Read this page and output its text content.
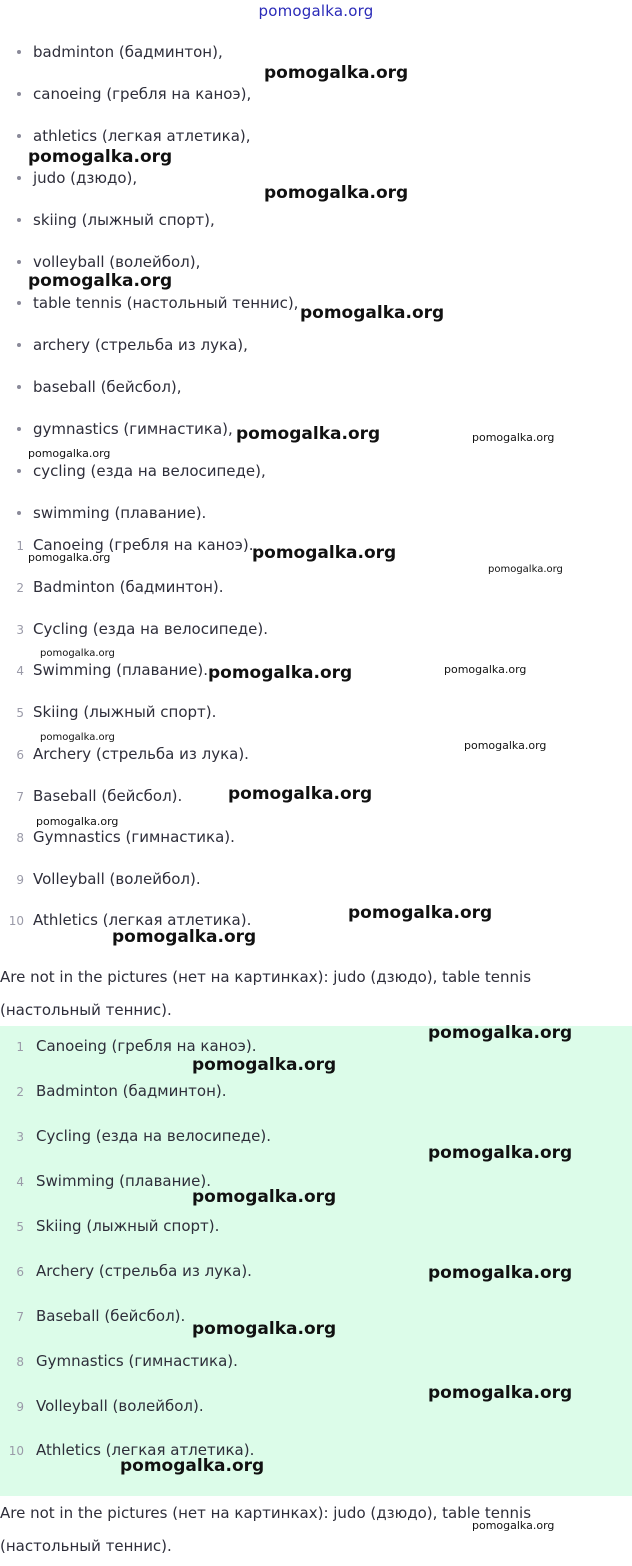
pomogalka.org
badminton (бадминтон),
canoeing (гребля на каноэ),
athletics (легкая атлетика),
judo (дзюдо),
skiing (лыжный спорт),
volleyball (волейбол),
table tennis (настольный теннис),
archery (стрельба из лука),
baseball (бейсбол),
gymnastics (гимнастика),
cycling (езда на велосипеде),
swimming (плавание).
1 Canoeing (гребля на каноэ).
2 Badminton (бадминтон).
3 Cycling (езда на велосипеде).
4 Swimming (плавание).
5 Skiing (лыжный спорт).
6 Archery (стрельба из лука).
7 Baseball (бейсбол).
8 Gymnastics (гимнастика).
9 Volleyball (волейбол).
10 Athletics (легкая атлетика).
Are not in the pictures (нет на картинках): judo (дзюдо), table tennis (настольный теннис).
1 Canoeing (гребля на каноэ).
2 Badminton (бадминтон).
3 Cycling (езда на велосипеде).
4 Swimming (плавание).
5 Skiing (лыжный спорт).
6 Archery (стрельба из лука).
7 Baseball (бейсбол).
8 Gymnastics (гимнастика).
9 Volleyball (волейбол).
10 Athletics (легкая атлетика).
Are not in the pictures (нет на картинках): judo (дзюдо), table tennis (настольный теннис).
pomogalka.org
pomogalka.org
pomogalka.org
pomogalka.org
pomogalka.org
pomogalka.org	pomogalka.org
pomogalka.org
pomogalka.org
pomogalka.org
pomogalka.org
pomogalka.org
pomogalka.org	pomogalka.org
pomogalka.org
pomogalka.org
pomogalka.org
pomogalka.org
pomogalka.org
pomogalka.org
pomogalka.org
pomogalka.org
pomogalka.org
pomogalka.org
pomogalka.org
pomogalka.org
pomogalka.org
pomogalka.org
pomogalka.org
